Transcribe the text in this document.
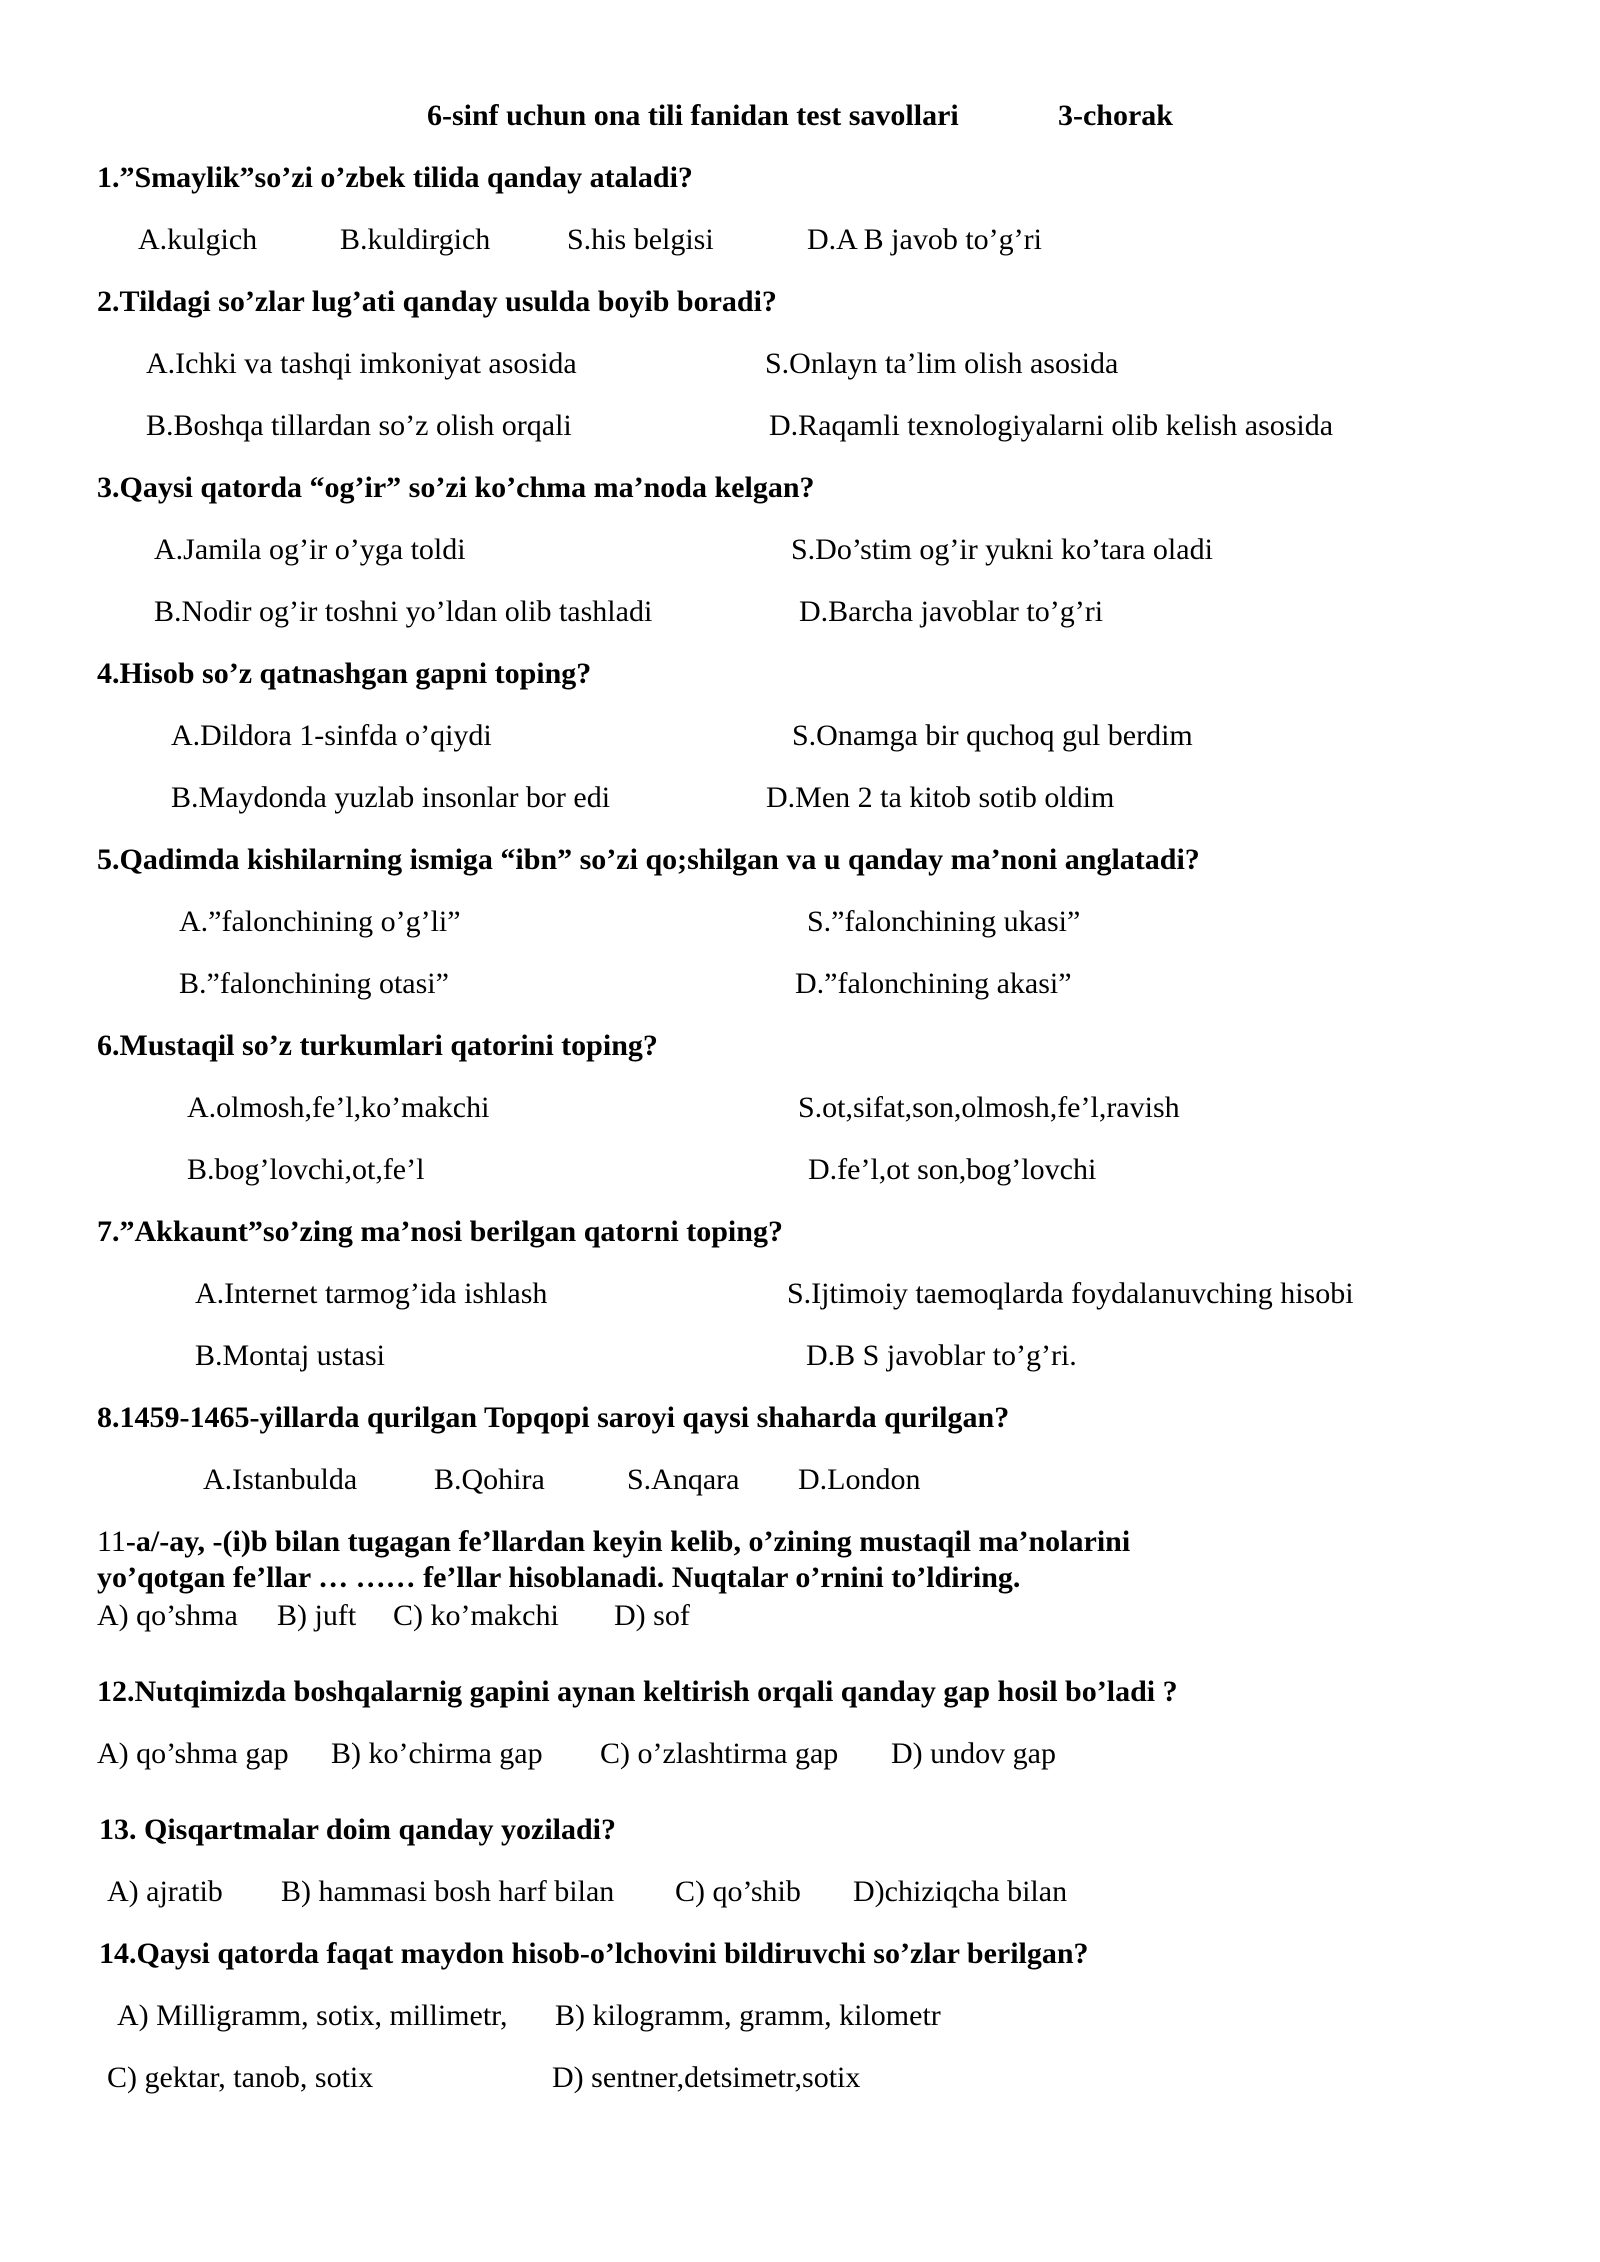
6-sinf uchun ona tili fanidan test savollari	3-chorak
1.”Smaylik”so’zi o’zbek tilida qanday ataladi?
A.kulgich	B.kuldirgich	S.his belgisi	D.A B javob to’g’ri
2.Tildagi so’zlar lug’ati qanday usulda boyib boradi?
A.Ichki va tashqi imkoniyat asosida	S.Onlayn ta’lim olish asosida
B.Boshqa tillardan so’z olish orqali	D.Raqamli texnologiyalarni olib kelish asosida
3.Qaysi qatorda “og’ir” so’zi ko’chma ma’noda kelgan?
A.Jamila og’ir o’yga toldi	S.Do’stim og’ir yukni ko’tara oladi
B.Nodir og’ir toshni yo’ldan olib tashladi	D.Barcha javoblar to’g’ri
4.Hisob so’z qatnashgan gapni toping?
A.Dildora 1-sinfda o’qiydi	S.Onamga bir quchoq gul berdim
B.Maydonda yuzlab insonlar bor edi	D.Men 2 ta kitob sotib oldim
5.Qadimda kishilarning ismiga “ibn” so’zi qo;shilgan va u qanday ma’noni anglatadi?
A.”falonchining o’g’li”	S.”falonchining ukasi”
B.”falonchining otasi”	D.”falonchining akasi”
6.Mustaqil so’z turkumlari qatorini toping?
A.olmosh,fe’l,ko’makchi	S.ot,sifat,son,olmosh,fe’l,ravish
B.bog’lovchi,ot,fe’l	D.fe’l,ot son,bog’lovchi
7.”Akkaunt”so’zing ma’nosi berilgan qatorni toping?
A.Internet tarmog’ida ishlash	S.Ijtimoiy taemoqlarda foydalanuvching hisobi
B.Montaj ustasi	D.B S javoblar to’g’ri.
8.1459-1465-yillarda qurilgan Topqopi saroyi qaysi shaharda qurilgan?
A.Istanbulda	B.Qohira	S.Anqara D.London
11-a/-ay, -(i)b bilan tugagan fe’llardan keyin kelib, o’zining mustaqil ma’nolarini
yo’qotgan fe’llar … …… fe’llar hisoblanadi. Nuqtalar o’rnini to’ldiring.
A) qo’shma B) juft C) ko’makchi D) sof
12.Nutqimizda boshqalarnig gapini aynan keltirish orqali qanday gap hosil bo’ladi ?
A) qo’shma gap B) ko’chirma gap C) o’zlashtirma gap D) undov gap
13. Qisqartmalar doim qanday yoziladi?
A) ajratib B) hammasi bosh harf bilan C) qo’shib D)chiziqcha bilan
14.Qaysi qatorda faqat maydon hisob-o’lchovini bildiruvchi so’zlar berilgan?
A) Milligramm, sotix, millimetr, B) kilogramm, gramm, kilometr
C) gektar, tanob, sotix	D) sentner,detsimetr,sotix
